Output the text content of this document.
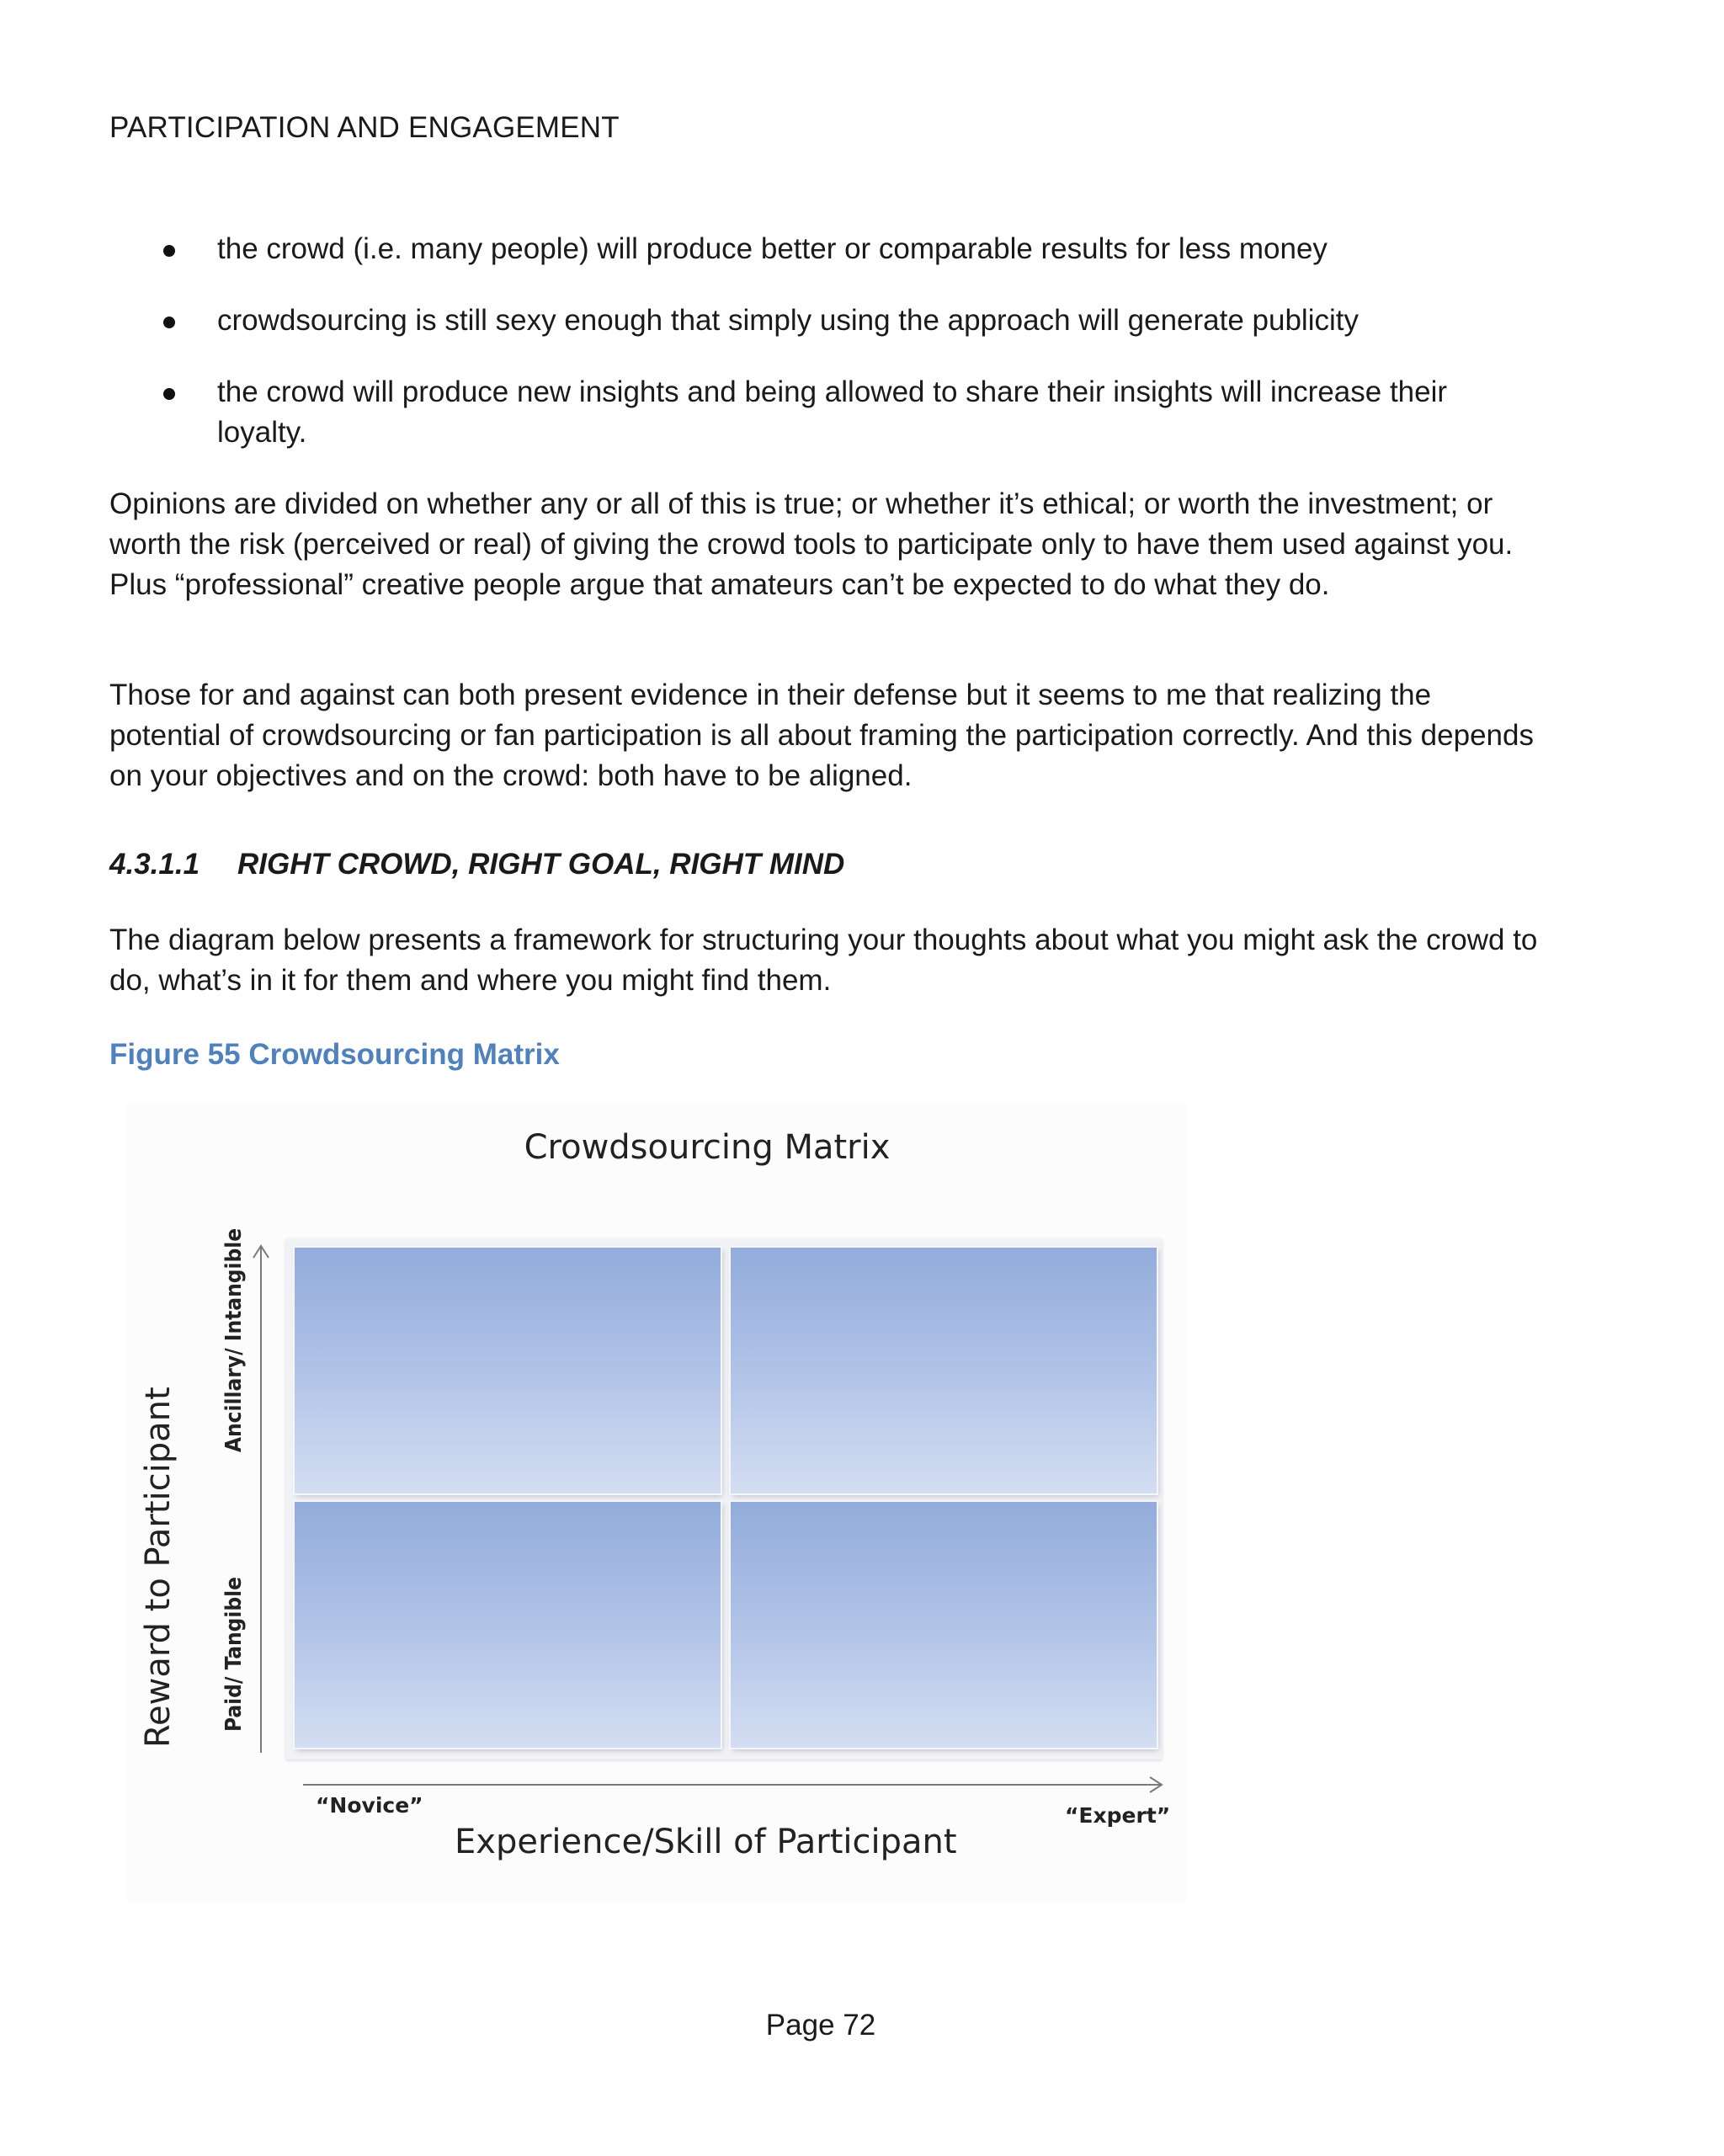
PARTICIPATION AND ENGAGEMENT
the crowd (i.e. many people) will produce better or comparable results for less money
crowdsourcing is still sexy enough that simply using the approach will generate publicity
the crowd will produce new insights and being allowed to share their insights will increase their loyalty.

Opinions are divided on whether any or all of this is true; or whether it’s ethical; or worth the investment; or worth the risk (perceived or real) of giving the crowd tools to participate only to have them used against you. Plus “professional” creative people argue that amateurs can’t be expected to do what they do.

Those for and against can both present evidence in their defense but it seems to me that realizing the potential of crowdsourcing or fan participation is all about framing the participation correctly. And this depends on your objectives and on the crowd: both have to be aligned.

4.3.1.1 RIGHT CROWD, RIGHT GOAL, RIGHT MIND

The diagram below presents a framework for structuring your thoughts about what you might ask the crowd to do, what’s in it for them and where you might find them.

Figure 55 Crowdsourcing Matrix

Crowdsourcing Matrix
Reward to Participant
Ancillary/ Intangible
Paid/ Tangible
“Novice”	“Expert”
Experience/Skill of Participant
Page 72
